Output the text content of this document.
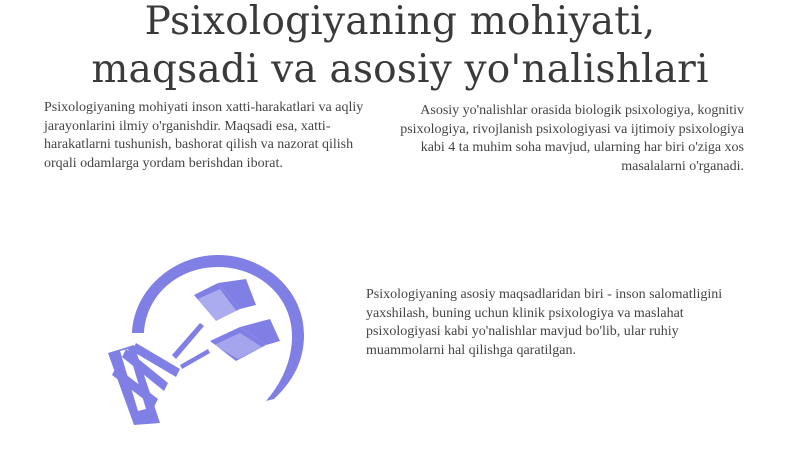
Psixologiyaning mohiyati,
maqsadi va asosiy yo'nalishlari
Psixologiyaning mohiyati inson xatti-harakatlari va aqliy jarayonlarini ilmiy o'rganishdir. Maqsadi esa, xatti-harakatlarni tushunish, bashorat qilish va nazorat qilish orqali odamlarga yordam berishdan iborat.
Asosiy yo'nalishlar orasida biologik psixologiya, kognitiv psixologiya, rivojlanish psixologiyasi va ijtimoiy psixologiya kabi 4 ta muhim soha mavjud, ularning har biri o'ziga xos masalalarni o'rganadi.
Psixologiyaning asosiy maqsadlaridan biri - inson salomatligini yaxshilash, buning uchun klinik psixologiya va maslahat psixologiyasi kabi yo'nalishlar mavjud bo'lib, ular ruhiy muammolarni hal qilishga qaratilgan.
